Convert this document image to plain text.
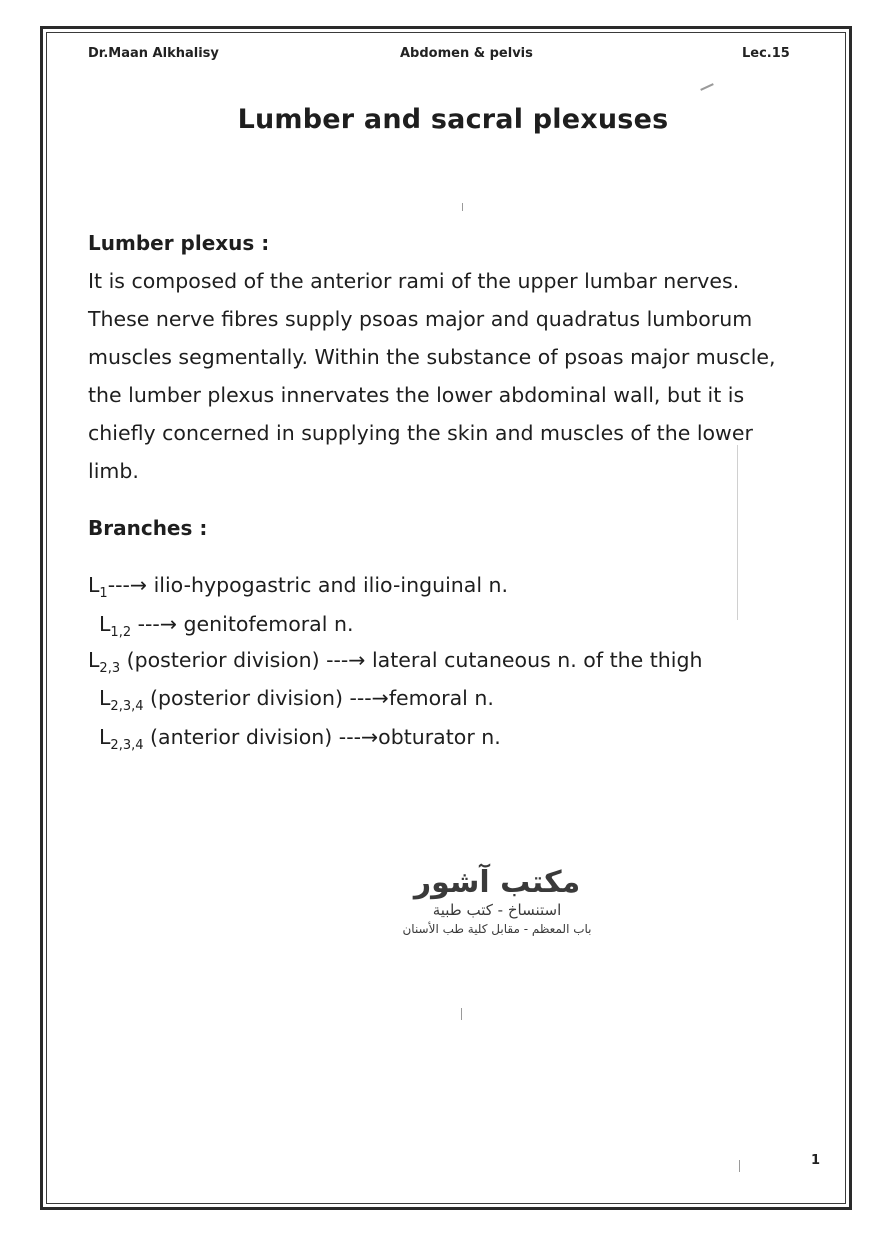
Dr.Maan Alkhalisy	Abdomen & pelvis	Lec.15
Lumber and sacral plexuses
Lumber plexus :

It is composed of the anterior rami of the upper lumbar nerves.

These nerve fibres supply psoas major and quadratus lumborum

muscles segmentally. Within the substance of psoas major muscle,

the lumber plexus innervates the lower abdominal wall, but it is

chiefly concerned in supplying the skin and muscles of the lower

limb.

Branches :
$L_1---\to$ ilio-hypogastric and ilio-inguinal n.
$L_{1,2}$ ---→ genitofemoral n.
$L_{2,3}$ (posterior division) ---→ lateral cutaneous n. of the thigh
$L_{2,3,4}$ (posterior division) ---→femoral n.
$L_{2,3,4}$ (anterior division) ---→obturator n.
مكتب آشور
استنساخ - كتب طبية
باب المعظم - مقابل كلية طب الأسنان
1
